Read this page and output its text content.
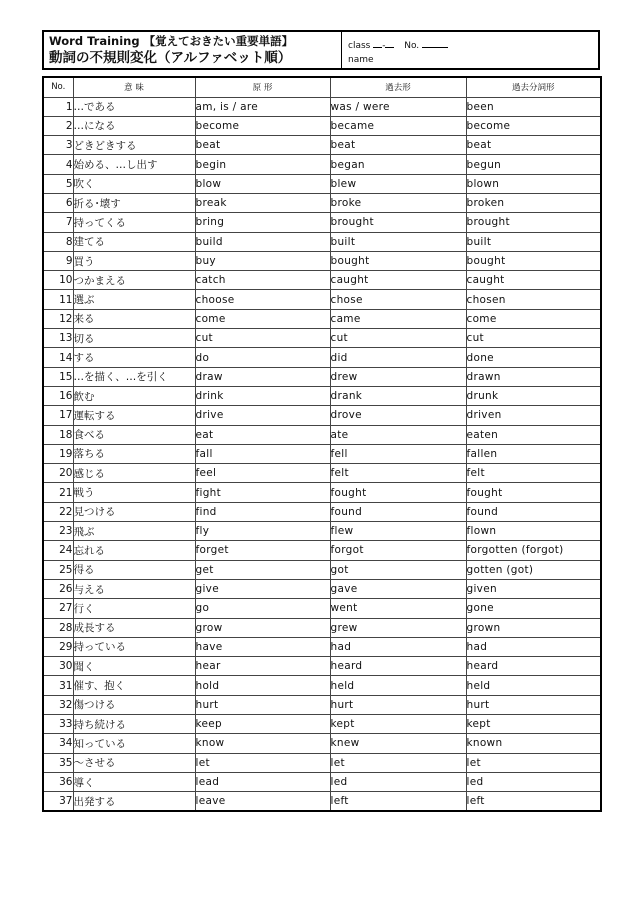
Word Training 【覚えておきたい重要単語】
動詞の不規則変化（アルファベット順）
class - No.
name
No.	意 味	原 形	過去形	過去分詞形
1	…である	am, is / are	was / were	been
2	…になる	become	became	become
3	どきどきする	beat	beat	beat
4	始める、…し出す	begin	began	begun
5	吹く	blow	blew	blown
6	折る･壊す	break	broke	broken
7	持ってくる	bring	brought	brought
8	建てる	build	built	built
9	買う	buy	bought	bought
10	つかまえる	catch	caught	caught
11	選ぶ	choose	chose	chosen
12	来る	come	came	come
13	切る	cut	cut	cut
14	する	do	did	done
15	…を描く、…を引く	draw	drew	drawn
16	飲む	drink	drank	drunk
17	運転する	drive	drove	driven
18	食べる	eat	ate	eaten
19	落ちる	fall	fell	fallen
20	感じる	feel	felt	felt
21	戦う	fight	fought	fought
22	見つける	find	found	found
23	飛ぶ	fly	flew	flown
24	忘れる	forget	forgot	forgotten (forgot)
25	得る	get	got	gotten (got)
26	与える	give	gave	given
27	行く	go	went	gone
28	成長する	grow	grew	grown
29	持っている	have	had	had
30	聞く	hear	heard	heard
31	催す、抱く	hold	held	held
32	傷つける	hurt	hurt	hurt
33	持ち続ける	keep	kept	kept
34	知っている	know	knew	known
35	～させる	let	let	let
36	導く	lead	led	led
37	出発する	leave	left	left
